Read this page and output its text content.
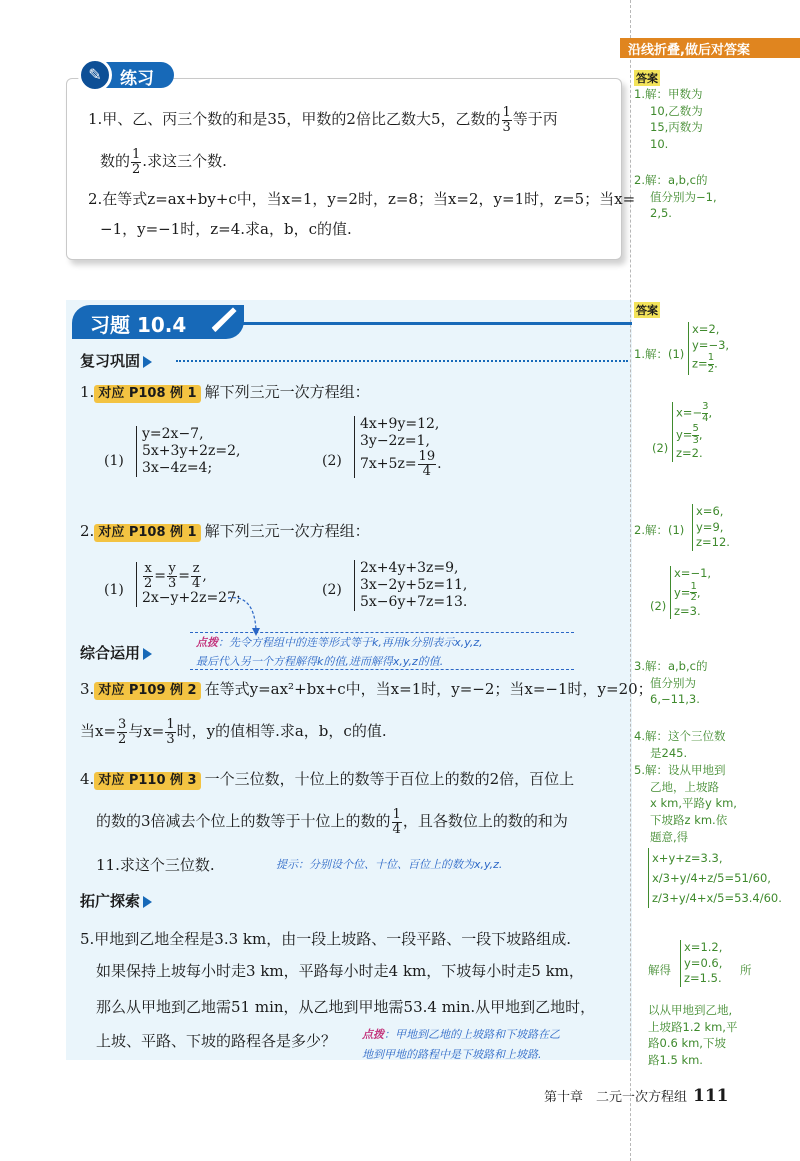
沿线折叠,做后对答案
✎	练习
1.甲、乙、丙三个数的和是35，甲数的2倍比乙数大5，乙数的 $\frac{1}{3}$ 等于丙
数的 $\frac{1}{2}$ .求这三个数.
2.在等式z=ax+by+c中，当x=1，y=2时，z=8；当x=2，y=1时，z=5；当x=
−1，y=−1时，z=4.求a，b，c的值.
习题 10.4
复习巩固
1. 对应 P108 例 1 解下列三元一次方程组：
(1)
y=2x−7,
5x+3y+2z=2,
3x−4z=4;	(2)
4x+9y=12,
3y−2z=1,
$7x+5z= \frac{19}{4}$ .
2. 对应 P108 例 1 解下列三元一次方程组：
$(1) \frac{x}{2} = \frac{y}{3} = \frac{z}{4}$ ,
2x−y+2z=27;
(2)
2x+4y+3z=9,
3x−2y+5z=11,
5x−6y+7z=13.
点拨：先令方程组中的连等形式等于k,再用k分别表示x,y,z,
最后代入另一个方程解得k的值,进而解得x,y,z的值.
综合运用
3. 对应 P109 例 2 在等式y=ax²+bx+c中，当x=1时，y=−2；当x=−1时，y=20；
当$x= \frac{3}{2}$ 与$x= \frac{1}{3}$ 时，y的值相等.求a，b，c的值.
4. 对应 P110 例 3 一个三位数，十位上的数等于百位上的数的2倍，百位上
的数的3倍减去个位上的数等于十位上的数的 $\frac{1}{4}$ ，且各数位上的数的和为
11.求这个三位数.	提示：分别设个位、十位、百位上的数为x,y,z.
拓广探索
5.甲地到乙地全程是3.3 km，由一段上坡路、一段平路、一段下坡路组成.
如果保持上坡每小时走3 km，平路每小时走4 km，下坡每小时走5 km，
那么从甲地到乙地需51 min，从乙地到甲地需53.4 min.从甲地到乙地时，
上坡、平路、下坡的路程各是多少？ 点拨：甲地到乙地的上坡路和下坡路在乙
地到甲地的路程中是下坡路和上坡路.
答案
1.解：甲数为
10,乙数为
15,丙数为
10.
2.解：a,b,c的
值分别为−1,
2,5.
答案
1.解：(1)
x=2,
y=−3,
$z= \frac{1}{2}$ .
(2)
$x=- \frac{3}{4}$ ,
$y= \frac{5}{3}$ ,
z=2.
2.解：(1)
x=6,
y=9,
z=12.
(2)
x=−1,
$y= \frac{1}{2}$ ,
z=3.
3.解：a,b,c的
值分别为
6,−11,3.
4.解：这个三位数
是245.
5.解：设从甲地到
乙地，上坡路
x km,平路y km,
下坡路z km.依
题意,得
x+y+z=3.3,
x/3+y/4+z/5=51/60,
z/3+y/4+x/5=53.4/60.
解得
x=1.2,
y=0.6,
z=1.5.
所
以从甲地到乙地,
上坡路1.2 km,平
路0.6 km,下坡
路1.5 km.
第十章　二元一次方程组 111
